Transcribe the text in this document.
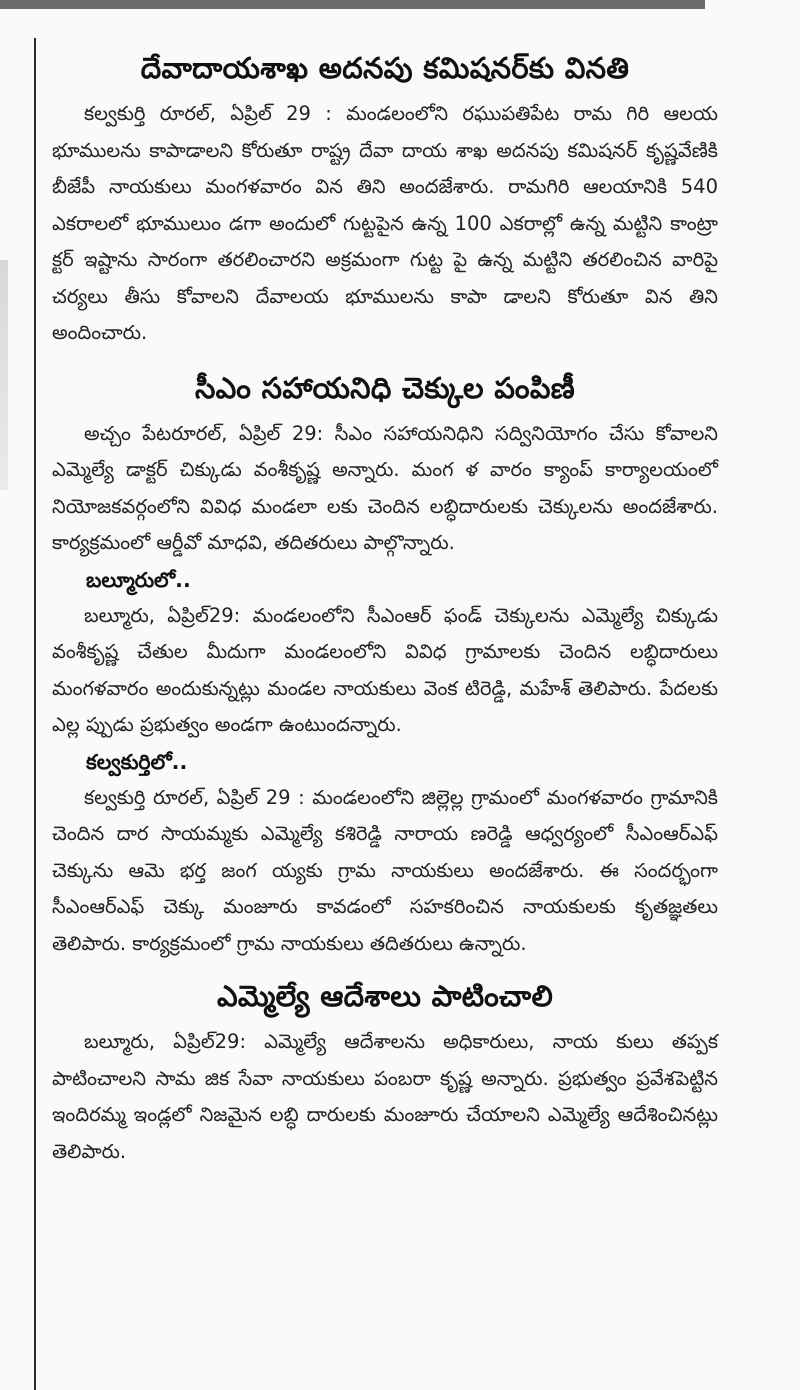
దేవాదాయశాఖ అదనపు కమిషనర్‌కు వినతి

కల్వకుర్తి రూరల్, ఏప్రిల్ 29 : మండలంలోని రఘుపతిపేట రామ గిరి ఆలయ భూములను కాపాడాలని కోరుతూ రాష్ట్ర దేవా దాయ శాఖ అదనపు కమిషనర్ కృష్ణవేణికి బీజేపీ నాయకులు మంగళవారం విన తిని అందజేశారు. రామగిరి ఆలయానికి 540 ఎకరాలలో భూములుం డగా అందులో గుట్టపైన ఉన్న 100 ఎకరాల్లో ఉన్న మట్టిని కాంట్రా క్టర్ ఇష్టాను సారంగా తరలించారని అక్రమంగా గుట్ట పై ఉన్న మట్టిని తరలించిన వారిపై చర్యలు తీసు కోవాలని దేవాలయ భూములను కాపా డాలని కోరుతూ విన తిని అందించారు.

సీఎం సహాయనిధి చెక్కుల పంపిణీ

అచ్చం పేటరూరల్, ఏప్రిల్ 29: సీఎం సహాయనిధిని సద్వినియోగం చేసు కోవాలని ఎమ్మెల్యే డాక్టర్ చిక్కుడు వంశీకృష్ణ అన్నారు. మంగ ళ వారం క్యాంప్ కార్యాలయంలో నియోజకవర్గంలోని వివిధ మండలా లకు చెందిన లబ్ధిదారులకు చెక్కులను అందజేశారు. కార్యక్రమంలో ఆర్డీవో మాధవి, తదితరులు పాల్గొన్నారు.

బల్మూరులో..

బల్మూరు, ఏప్రిల్29: మండలంలోని సీఎంఆర్ ఫండ్ చెక్కులను ఎమ్మెల్యే చిక్కుడు వంశీకృష్ణ చేతుల మీదుగా మండలంలోని వివిధ గ్రామాలకు చెందిన లబ్ధిదారులు మంగళవారం అందుకున్నట్లు మండల నాయకులు వెంక టిరెడ్డి, మహేశ్ తెలిపారు. పేదలకు ఎల్ల ప్పుడు ప్రభుత్వం అండగా ఉంటుందన్నారు.

కల్వకుర్తిలో..

కల్వకుర్తి రూరల్, ఏప్రిల్ 29 : మండలంలోని జిల్లెల్ల గ్రామంలో మంగళవారం గ్రామానికి చెందిన దార సాయమ్మకు ఎమ్మెల్యే కశిరెడ్డి నారాయ ణరెడ్డి ఆధ్వర్యంలో సీఎంఆర్ఎఫ్ చెక్కును ఆమె భర్త జంగ య్యకు గ్రామ నాయకులు అందజేశారు. ఈ సందర్భంగా సీఎంఆర్ఎఫ్ చెక్కు మంజూరు కావడంలో సహకరించిన నాయకులకు కృతజ్ఞతలు తెలిపారు. కార్యక్రమంలో గ్రామ నాయకులు తదితరులు ఉన్నారు.

ఎమ్మెల్యే ఆదేశాలు పాటించాలి

బల్మూరు, ఏప్రిల్29: ఎమ్మెల్యే ఆదేశాలను అధికారులు, నాయ కులు తప్పక పాటించాలని సామ జిక సేవా నాయకులు పంబరా కృష్ణ అన్నారు. ప్రభుత్వం ప్రవేశపెట్టిన ఇందిరమ్మ ఇండ్లలో నిజమైన లబ్ధి దారులకు మంజూరు చేయాలని ఎమ్మెల్యే ఆదేశించినట్లు తెలిపారు.
